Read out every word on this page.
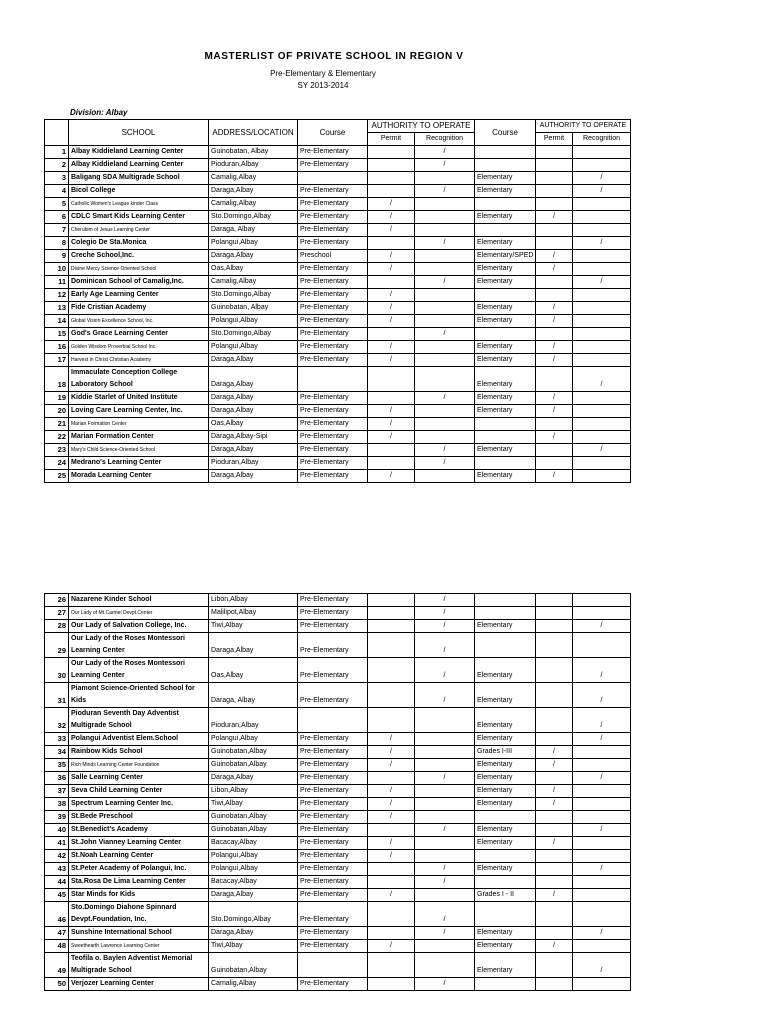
MASTERLIST OF PRIVATE SCHOOL IN REGION V
Pre-Elementary & Elementary
SY 2013-2014
Division: Albay
	SCHOOL	ADDRESS/LOCATION	Course	AUTHORITY TO OPERATE		Course	AUTHORITY TO OPERATE	
				Permit	Recognition		Permit	Recognition
1	Albay Kiddieland Learning Center	Guinobatan, Albay	Pre-Elementary		/			
2	Albay Kiddieland Learning Center	Pioduran,Albay	Pre-Elementary		/			
3	Baligang SDA Multigrade School	Camalig,Albay				Elementary		/
4	Bicol College	Daraga,Albay	Pre-Elementary		/	Elementary		/
5	Catholic Women's League kinder Class	Camalig,Albay	Pre-Elementary	/				
6	CDLC Smart Kids Learning Center	Sto.Domingo,Albay	Pre-Elementary	/		Elementary	/	
7	Cherubim of Jesus Learning Center	Daraga, Albay	Pre-Elementary	/				
8	Colegio De Sta.Monica	Polangui,Albay	Pre-Elementary		/	Elementary		/
9	Creche School,Inc.	Daraga,Albay	Preschool	/		Elementary/SPED	/	
10	Divine Mercy Science Oriented School	Oas,Albay	Pre-Elementary	/		Elementary	/	
11	Dominican School of Camalig,Inc.	Camalig,Albay	Pre-Elementary		/	Elementary		/
12	Early Age Learning Center	Sto.Domingo,Albay	Pre-Elementary	/				
13	Fide Cristian Academy	Guinobatan, Albay	Pre-Elementary	/		Elementary	/	
14	Global Vision Excellence School, Inc.	Polangui,Albay	Pre-Elementary	/		Elementary	/	
15	God's Grace Learning Center	Sto.Domingo,Albay	Pre-Elementary		/			
16	Golden Wisdom Proverbial School Inc.	Polangui,Albay	Pre-Elementary	/		Elementary	/	
17	Harvest in Christ Christian Academy	Daraga,Albay	Pre-Elementary	/		Elementary	/	
18	Immaculate Conception College Laboratory School	Daraga,Albay				Elementary		/
19	Kiddie Starlet of United Institute	Daraga,Albay	Pre-Elementary		/	Elementary	/	
20	Loving Care Learning Center, Inc.	Daraga,Albay	Pre-Elementary	/		Elementary	/	
21	Marian Formation Center	Oas,Albay	Pre-Elementary	/				
22	Marian Formation Center	Daraga,Albay-Sipi	Pre-Elementary	/			/	
23	Mary's Child Science-Oriented School	Daraga,Albay	Pre-Elementary		/	Elementary		/
24	Medrano's Learning Center	Pioduran,Albay	Pre-Elementary		/			
25	Morada Learning Center	Daraga,Albay	Pre-Elementary	/		Elementary	/	
26	Nazarene Kinder School	Libon,Albay	Pre-Elementary		/			
27	Our Lady of Mt.Carmel Devpt.Center	Malilipot,Albay	Pre-Elementary		/			
28	Our Lady of Salvation College, Inc.	Tiwi,Albay	Pre-Elementary		/	Elementary		/
29	Our Lady of the Roses Montessori Learning Center	Daraga,Albay	Pre-Elementary		/			
30	Our Lady of the Roses Montessori Learning Center	Oas,Albay	Pre-Elementary		/	Elementary		/
31	Piamont Science-Oriented School for Kids	Daraga, Albay	Pre-Elementary		/	Elementary		/
32	Pioduran Seventh Day Adventist Multigrade School	Pioduran,Albay				Elementary		/
33	Polangui Adventist Elem.School	Polangui,Albay	Pre-Elementary	/		Elementary		/
34	Rainbow Kids School	Guinobatan,Albay	Pre-Elementary	/		Grades I-III	/	
35	Rich Minds Learning Center Foundation	Guinobatan,Albay	Pre-Elementary	/		Elementary	/	
36	Salle Learning Center	Daraga,Albay	Pre-Elementary		/	Elementary		/
37	Seva Child Learning Center	Libon,Albay	Pre-Elementary	/		Elementary	/	
38	Spectrum Learning Center Inc.	Tiwi,Albay	Pre-Elementary	/		Elementary	/	
39	St.Bede Preschool	Guinobatan,Albay	Pre-Elementary	/				
40	St.Benedict's Academy	Guinobatan,Albay	Pre-Elementary		/	Elementary		/
41	St.John Vianney Learning Center	Bacacay,Albay	Pre-Elementary	/		Elementary	/	
42	St.Noah Learning Center	Polangui,Albay	Pre-Elementary	/				
43	St.Peter Academy of Polangui, Inc.	Polangui,Albay	Pre-Elementary		/	Elementary		/
44	Sta.Rosa De Lima Learning Center	Bacacay,Albay	Pre-Elementary		/			
45	Star Minds for Kids	Daraga,Albay	Pre-Elementary	/		Grades I - II	/	
46	Sto.Domingo Diahone Spinnard Devpt.Foundation, Inc.	Sto.Domingo,Albay	Pre-Elementary		/			
47	Sunshine International School	Daraga,Albay	Pre-Elementary		/	Elementary		/
48	Sweethearth Lawrence Learning Center	Tiwi,Albay	Pre-Elementary	/		Elementary	/	
49	Teofila o. Baylen Adventist Memorial Multigrade School	Guinobatan,Albay				Elementary		/
50	Verjozer Learning Center	Camalig,Albay	Pre-Elementary		/			
